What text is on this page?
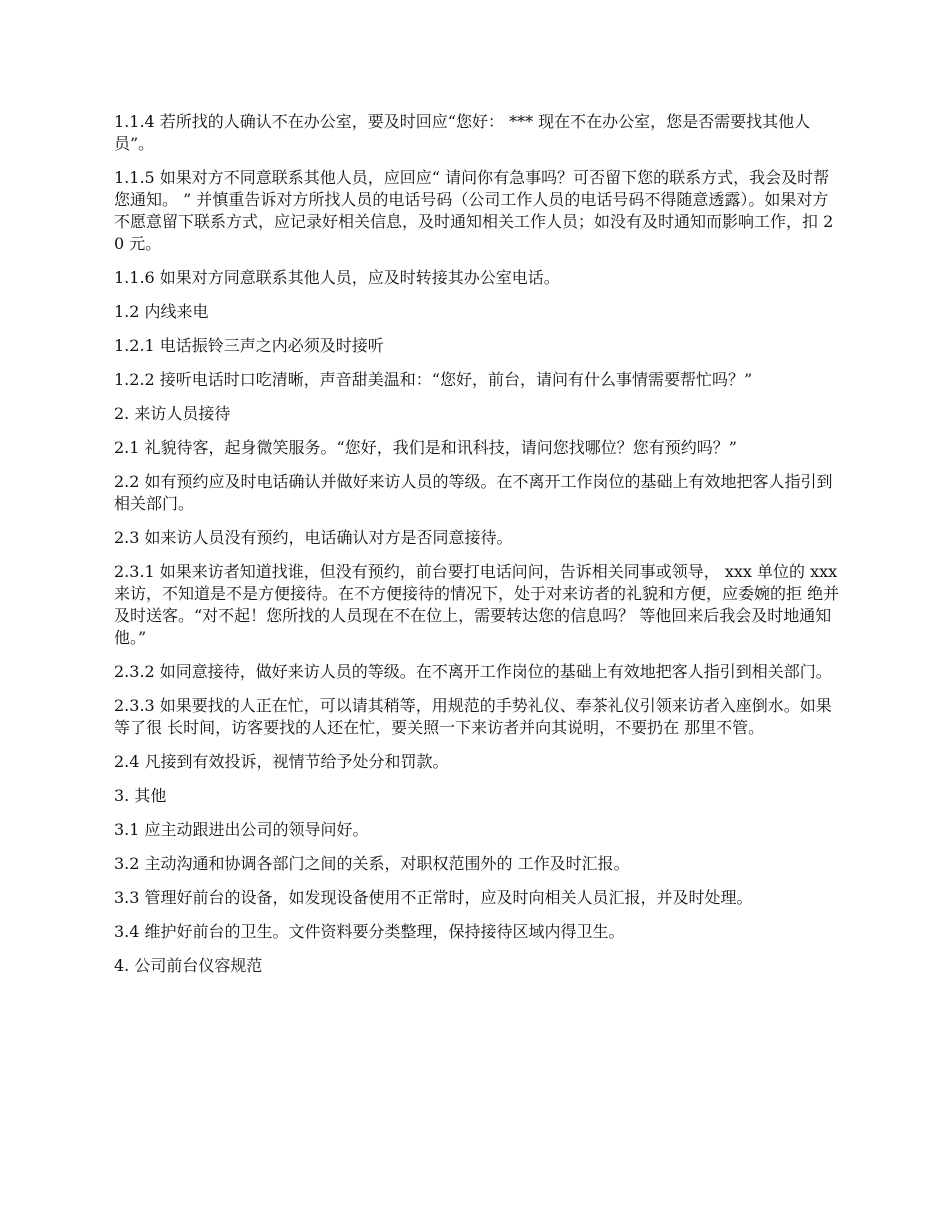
1.1.4 若所找的人确认不在办公室，要及时回应“您好： *** 现在不在办公室，您是否需要找其他人员”。

1.1.5 如果对方不同意联系其他人员，应回应“ 请问你有急事吗？可否留下您的联系方式，我会及时帮您通知。 ” 并慎重告诉对方所找人员的电话号码（公司工作人员的电话号码不得随意透露）。如果对方不愿意留下联系方式，应记录好相关信息，及时通知相关工作人员；如没有及时通知而影响工作，扣 20 元。

1.1.6 如果对方同意联系其他人员，应及时转接其办公室电话。

1.2 内线来电

1.2.1 电话振铃三声之内必须及时接听

1.2.2 接听电话时口吃清晰，声音甜美温和：“您好，前台，请问有什么事情需要帮忙吗？”

2. 来访人员接待

2.1 礼貌待客，起身微笑服务。“您好，我们是和讯科技，请问您找哪位？您有预约吗？”

2.2 如有预约应及时电话确认并做好来访人员的等级。在不离开工作岗位的基础上有效地把客人指引到相关部门。

2.3 如来访人员没有预约，电话确认对方是否同意接待。

2.3.1 如果来访者知道找谁，但没有预约，前台要打电话问问，告诉相关同事或领导， xxx 单位的 xxx 来访，不知道是不是方便接待。在不方便接待的情况下，处于对来访者的礼貌和方便，应委婉的拒 绝并及时送客。“对不起！您所找的人员现在不在位上，需要转达您的信息吗？ 等他回来后我会及时地通知他。”

2.3.2 如同意接待，做好来访人员的等级。在不离开工作岗位的基础上有效地把客人指引到相关部门。

2.3.3 如果要找的人正在忙，可以请其稍等，用规范的手势礼仪、奉茶礼仪引领来访者入座倒水。如果等了很 长时间，访客要找的人还在忙，要关照一下来访者并向其说明，不要扔在 那里不管。

2.4 凡接到有效投诉，视情节给予处分和罚款。

3. 其他

3.1 应主动跟进出公司的领导问好。

3.2 主动沟通和协调各部门之间的关系，对职权范围外的 工作及时汇报。

3.3 管理好前台的设备，如发现设备使用不正常时，应及时向相关人员汇报，并及时处理。

3.4 维护好前台的卫生。文件资料要分类整理，保持接待区域内得卫生。

4. 公司前台仪容规范
